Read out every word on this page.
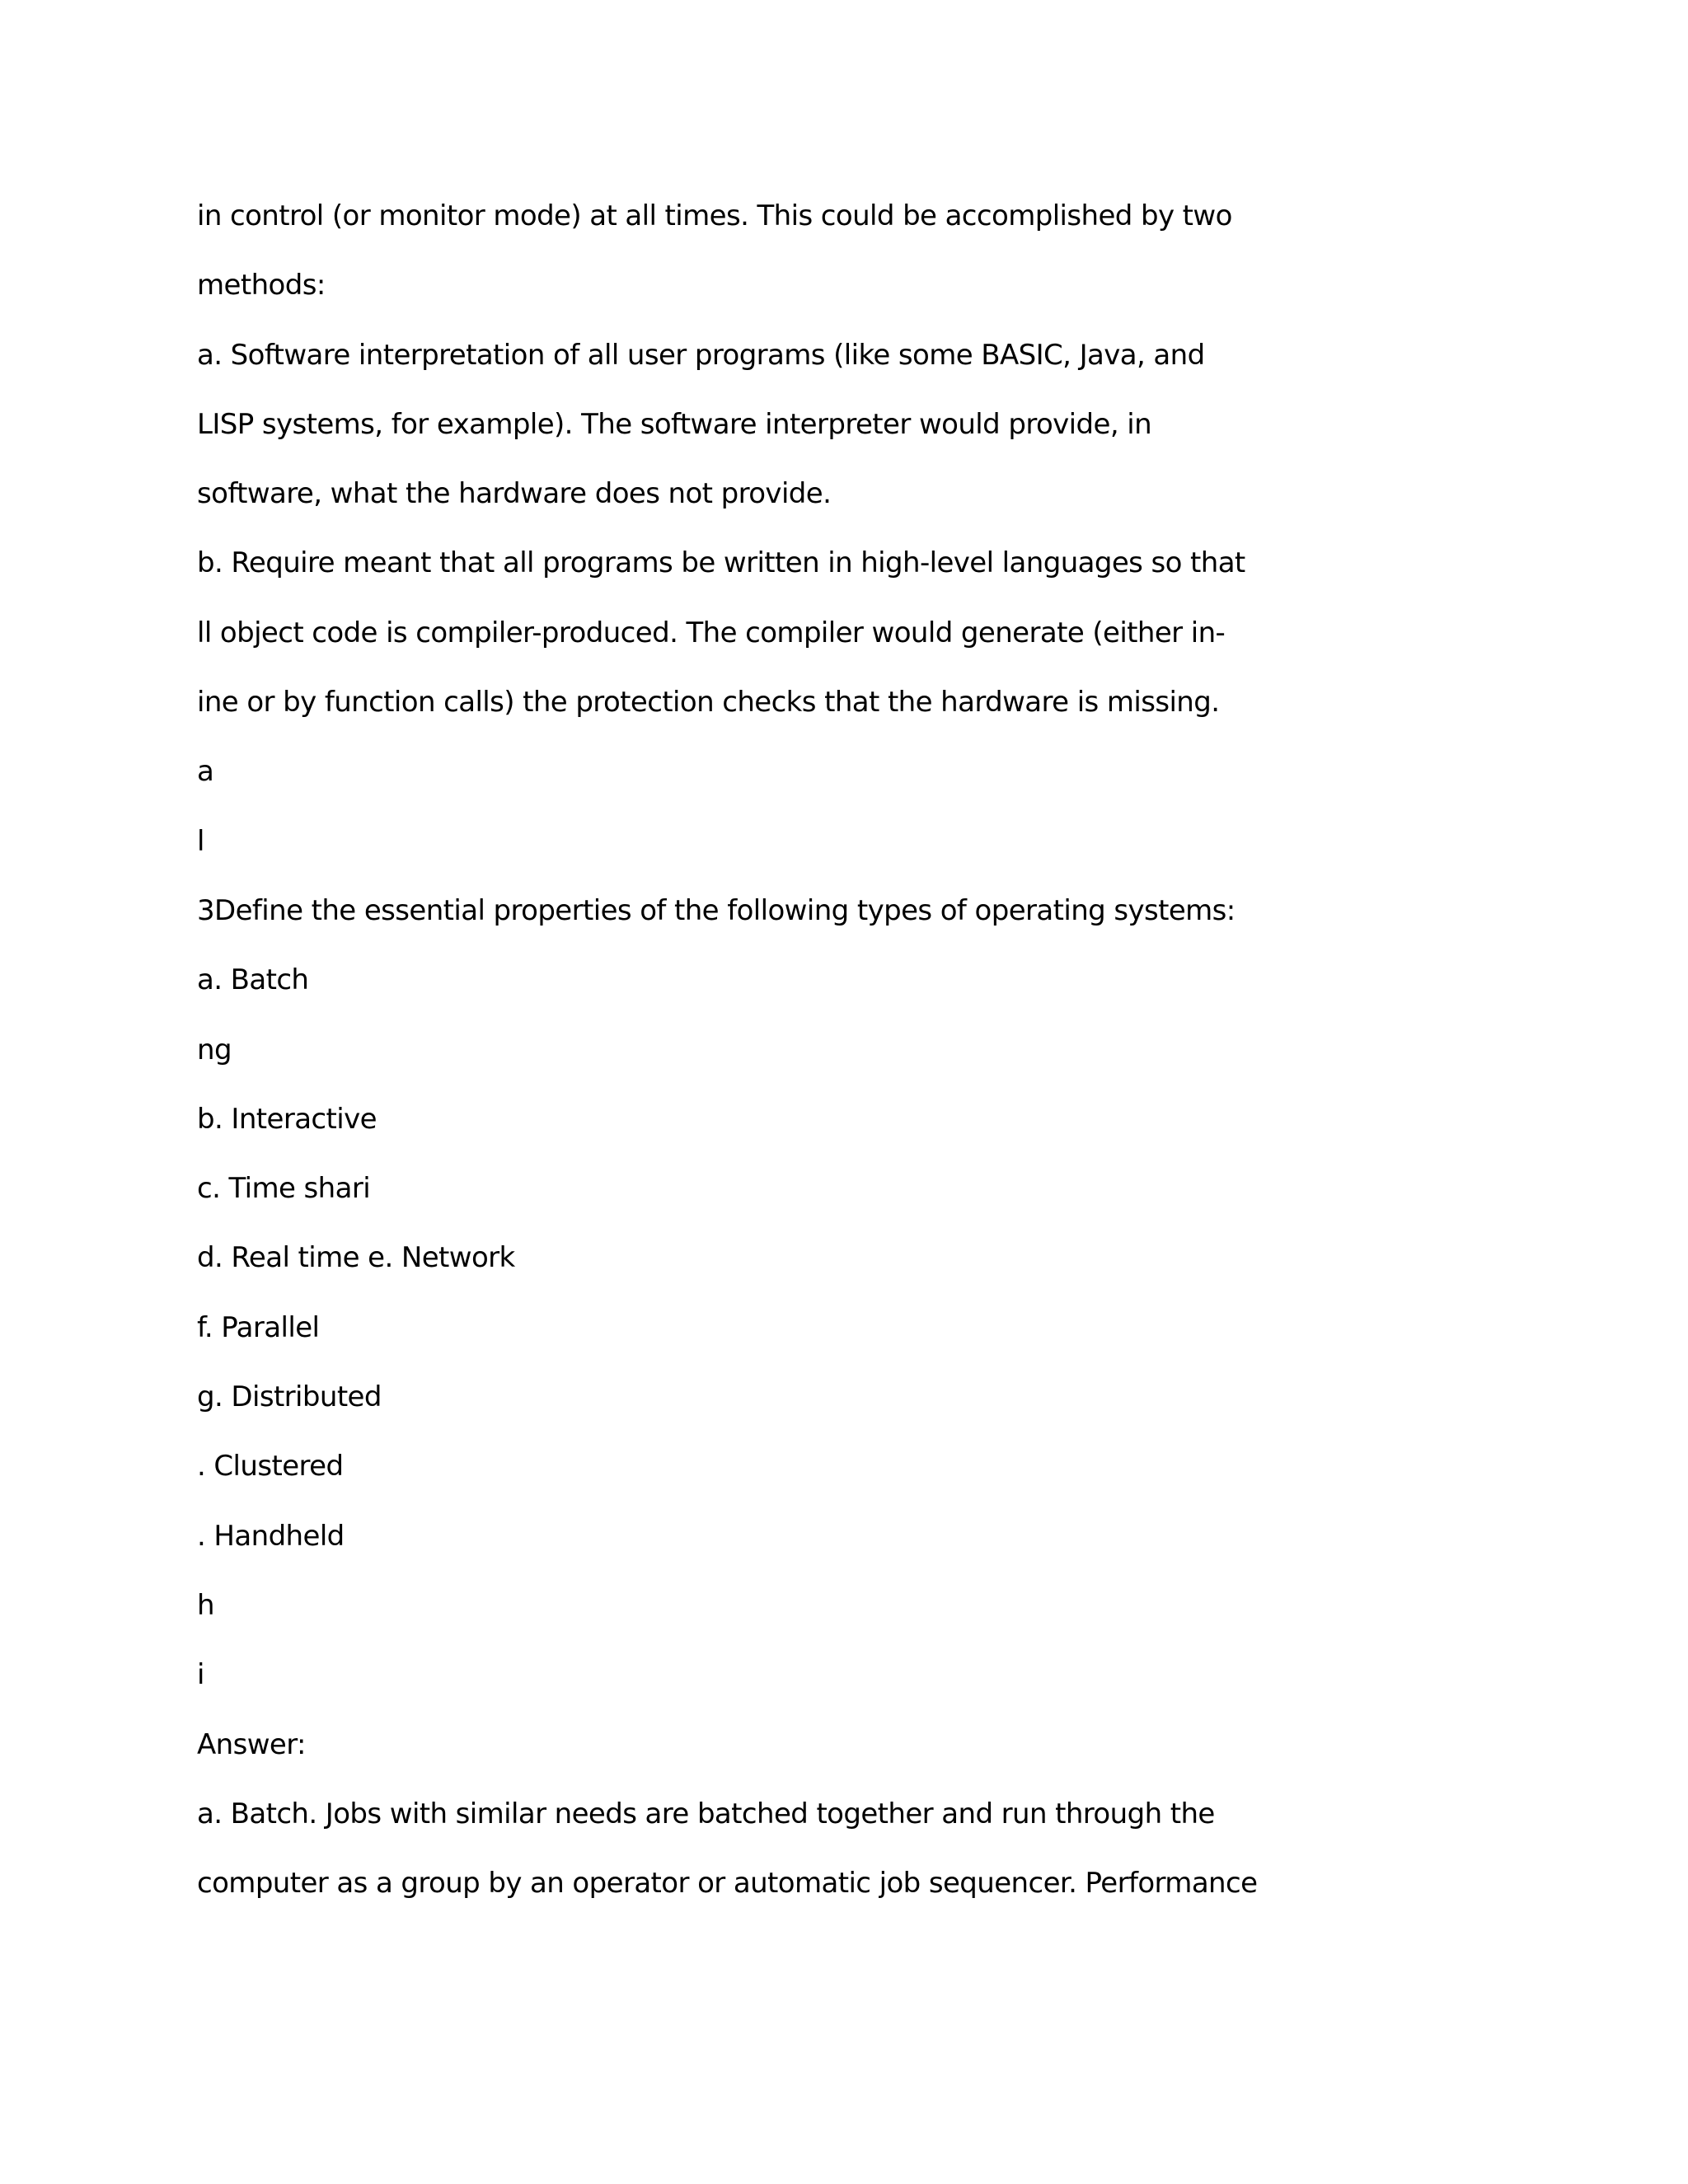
in control (or monitor mode) at all times. This could be accomplished by two
methods:
a. Software interpretation of all user programs (like some BASIC, Java, and
LISP systems, for example). The software interpreter would provide, in
software, what the hardware does not provide.
b. Require meant that all programs be written in high-level languages so that
ll object code is compiler-produced. The compiler would generate (either in-
ine or by function calls) the protection checks that the hardware is missing.
a
l
3Define the essential properties of the following types of operating systems:
a. Batch
ng
b. Interactive
c. Time shari
d. Real time e. Network
f. Parallel
g. Distributed
. Clustered
. Handheld
h
i
Answer:
a. Batch. Jobs with similar needs are batched together and run through the
computer as a group by an operator or automatic job sequencer. Performance
